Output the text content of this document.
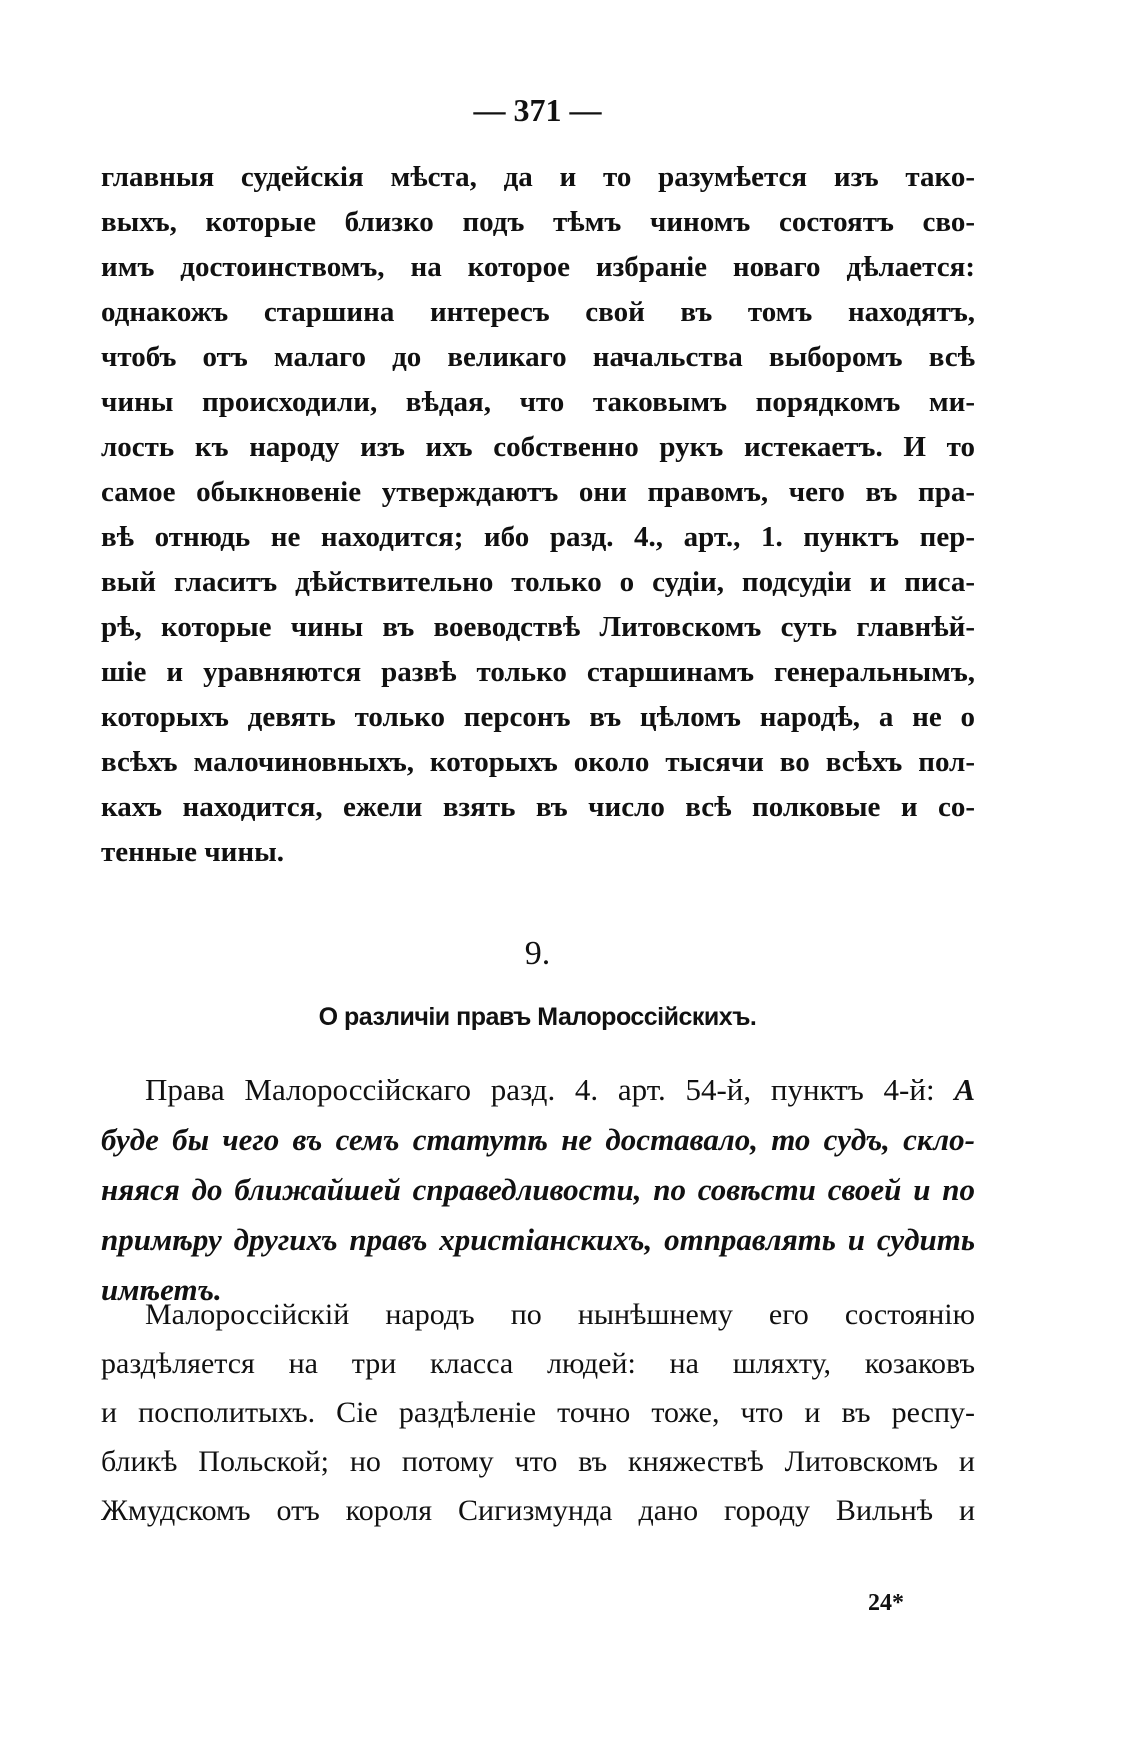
— 371 —
главныя судейскія мѣста, да и то разумѣется изъ тако-
выхъ, которые близко подъ тѣмъ чиномъ состоятъ сво-
имъ достоинствомъ, на которое избраніе новаго дѣлается:
однакожъ старшина интересъ свой въ томъ находятъ,
чтобъ отъ малаго до великаго начальства выборомъ всѣ
чины происходили, вѣдая, что таковымъ порядкомъ ми-
лость къ народу изъ ихъ собственно рукъ истекаетъ. И то
самое обыкновеніе утверждаютъ они правомъ, чего въ пра-
вѣ отнюдь не находится; ибо разд. 4., арт., 1. пунктъ пер-
вый гласитъ дѣйствительно только о судіи, подсудіи и писа-
рѣ, которые чины въ воеводствѣ Литовскомъ суть главнѣй-
шіе и уравняются развѣ только старшинамъ генеральнымъ,
которыхъ девять только персонъ въ цѣломъ народѣ, а не о
всѣхъ малочиновныхъ, которыхъ около тысячи во всѣхъ пол-
кахъ находится, ежели взять въ число всѣ полковые и со-
тенные чины.
9.
О различіи правъ Малороссійскихъ.
Права Малороссійскаго разд. 4. арт. 54-й, пунктъ 4-й: А
буде бы чего въ семъ статутѣ не доставало, то судъ, скло-
няяся до ближайшей справедливости, по совѣсти своей и по
примѣру другихъ правъ христіанскихъ, отправлять и судить
имѣетъ.
Малороссійскій народъ по нынѣшнему его состоянію
раздѣляется на три класса людей: на шляхту, козаковъ
и посполитыхъ. Сіе раздѣленіе точно тоже, что и въ респу-
бликѣ Польской; но потому что въ княжествѣ Литовскомъ и
Жмудскомъ отъ короля Сигизмунда дано городу Вильнѣ и
24*
